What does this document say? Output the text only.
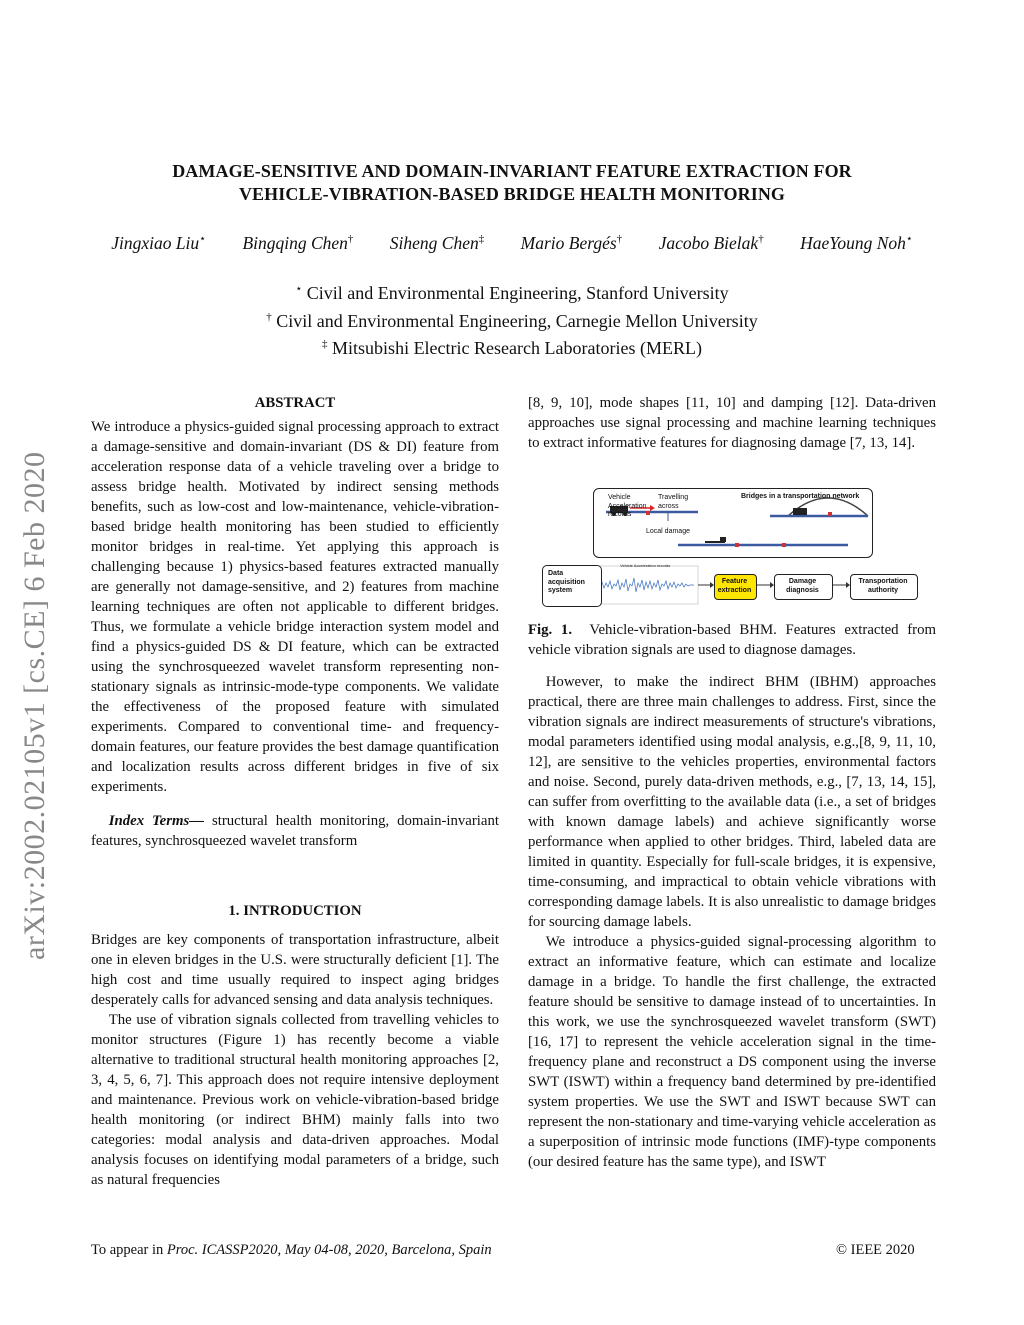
DAMAGE-SENSITIVE AND DOMAIN-INVARIANT FEATURE EXTRACTION FOR
VEHICLE-VIBRATION-BASED BRIDGE HEALTH MONITORING
Jingxiao Liu⋆ Bingqing Chen† Siheng Chen‡ Mario Bergés† Jacobo Bielak† HaeYoung Noh⋆
⋆ Civil and Environmental Engineering, Stanford University
† Civil and Environmental Engineering, Carnegie Mellon University
‡ Mitsubishi Electric Research Laboratories (MERL)
arXiv:2002.02105v1 [cs.CE] 6 Feb 2020
ABSTRACT

We introduce a physics-guided signal processing approach to extract a damage-sensitive and domain-invariant (DS & DI) feature from acceleration response data of a vehicle traveling over a bridge to assess bridge health. Motivated by indirect sensing methods benefits, such as low-cost and low-maintenance, vehicle-vibration-based bridge health monitoring has been studied to efficiently monitor bridges in real-time. Yet applying this approach is challenging because 1) physics-based features extracted manually are generally not damage-sensitive, and 2) features from machine learning techniques are often not applicable to different bridges. Thus, we formulate a vehicle bridge interaction system model and find a physics-guided DS & DI feature, which can be extracted using the synchrosqueezed wavelet transform representing non-stationary signals as intrinsic-mode-type components. We validate the effectiveness of the proposed feature with simulated experiments. Compared to conventional time- and frequency-domain features, our feature provides the best damage quantification and localization results across different bridges in five of six experiments.

Index Terms— structural health monitoring, domain-invariant features, synchrosqueezed wavelet transform

1. INTRODUCTION

Bridges are key components of transportation infrastructure, albeit one in eleven bridges in the U.S. were structurally deficient [1]. The high cost and time usually required to inspect aging bridges desperately calls for advanced sensing and data analysis techniques.

The use of vibration signals collected from travelling vehicles to monitor structures (Figure 1) has recently become a viable alternative to traditional structural health monitoring approaches [2, 3, 4, 5, 6, 7]. This approach does not require intensive deployment and maintenance. Previous work on vehicle-vibration-based bridge health monitoring (or indirect BHM) mainly falls into two categories: modal analysis and data-driven approaches. Modal analysis focuses on identifying modal parameters of a bridge, such as natural frequencies

[8, 9, 10], mode shapes [11, 10] and damping [12]. Data-driven approaches use signal processing and machine learning techniques to extract informative features for diagnosing damage [7, 13, 14].

Vehicle Acceleration records
Travelling across
Bridges in a transportation network
Local damage
Data acquisition system
Vehicle Acceleration records
Feature extraction
Damage diagnosis
Transportation authority
Fig. 1. Vehicle-vibration-based BHM. Features extracted from vehicle vibration signals are used to diagnose damages.

However, to make the indirect BHM (IBHM) approaches practical, there are three main challenges to address. First, since the vibration signals are indirect measurements of structure's vibrations, modal parameters identified using modal analysis, e.g.,[8, 9, 11, 10, 12], are sensitive to the vehicles properties, environmental factors and noise. Second, purely data-driven methods, e.g., [7, 13, 14, 15], can suffer from overfitting to the available data (i.e., a set of bridges with known damage labels) and achieve significantly worse performance when applied to other bridges. Third, labeled data are limited in quantity. Especially for full-scale bridges, it is expensive, time-consuming, and impractical to obtain vehicle vibrations with corresponding damage labels. It is also unrealistic to damage bridges for sourcing damage labels.

We introduce a physics-guided signal-processing algorithm to extract an informative feature, which can estimate and localize damage in a bridge. To handle the first challenge, the extracted feature should be sensitive to damage instead of to uncertainties. In this work, we use the synchrosqueezed wavelet transform (SWT) [16, 17] to represent the vehicle acceleration signal in the time-frequency plane and reconstruct a DS component using the inverse SWT (ISWT) within a frequency band determined by pre-identified system properties. We use the SWT and ISWT because SWT can represent the non-stationary and time-varying vehicle acceleration as a superposition of intrinsic mode functions (IMF)-type components (our desired feature has the same type), and ISWT

To appear in Proc. ICASSP2020, May 04-08, 2020, Barcelona, Spain	© IEEE 2020
